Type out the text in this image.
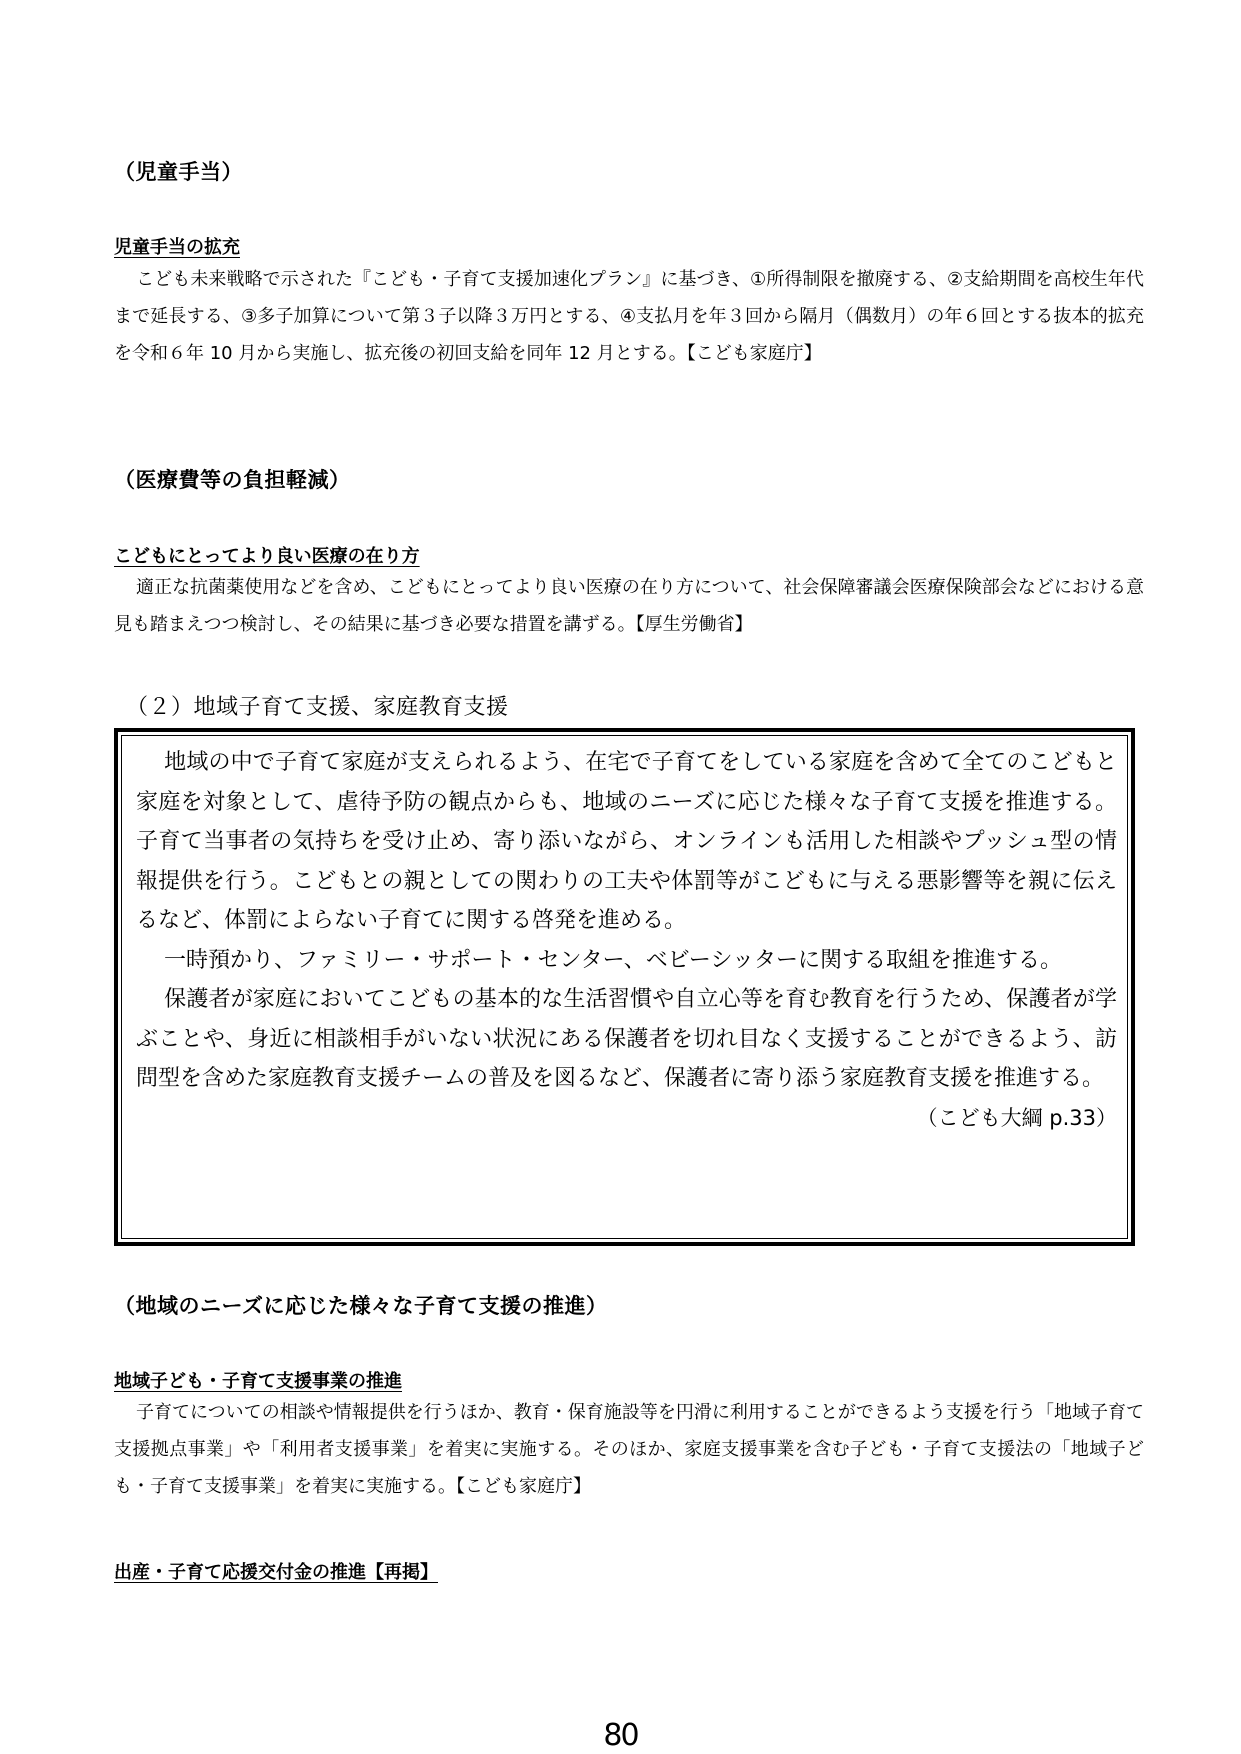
（児童手当）
児童手当の拡充

こども未来戦略で示された『こども・子育て支援加速化プラン』に基づき、①所得制限を撤廃する、②支給期間を高校生年代まで延長する、③多子加算について第３子以降３万円とする、④支払月を年３回から隔月（偶数月）の年６回とする抜本的拡充を令和６年 10 月から実施し、拡充後の初回支給を同年 12 月とする。【こども家庭庁】

（医療費等の負担軽減）
こどもにとってより良い医療の在り方

適正な抗菌薬使用などを含め、こどもにとってより良い医療の在り方について、社会保障審議会医療保険部会などにおける意見も踏まえつつ検討し、その結果に基づき必要な措置を講ずる。【厚生労働省】

（２）地域子育て支援、家庭教育支援

地域の中で子育て家庭が支えられるよう、在宅で子育てをしている家庭を含めて全てのこどもと家庭を対象として、虐待予防の観点からも、地域のニーズに応じた様々な子育て支援を推進する。子育て当事者の気持ちを受け止め、寄り添いながら、オンラインも活用した相談やプッシュ型の情報提供を行う。こどもとの親としての関わりの工夫や体罰等がこどもに与える悪影響等を親に伝えるなど、体罰によらない子育てに関する啓発を進める。

一時預かり、ファミリー・サポート・センター、ベビーシッターに関する取組を推進する。

保護者が家庭においてこどもの基本的な生活習慣や自立心等を育む教育を行うため、保護者が学ぶことや、身近に相談相手がいない状況にある保護者を切れ目なく支援することができるよう、訪問型を含めた家庭教育支援チームの普及を図るなど、保護者に寄り添う家庭教育支援を推進する。

（こども大綱 p.33）

（地域のニーズに応じた様々な子育て支援の推進）
地域子ども・子育て支援事業の推進

子育てについての相談や情報提供を行うほか、教育・保育施設等を円滑に利用することができるよう支援を行う「地域子育て支援拠点事業」や「利用者支援事業」を着実に実施する。そのほか、家庭支援事業を含む子ども・子育て支援法の「地域子ども・子育て支援事業」を着実に実施する。【こども家庭庁】

出産・子育て応援交付金の推進【再掲】
80
